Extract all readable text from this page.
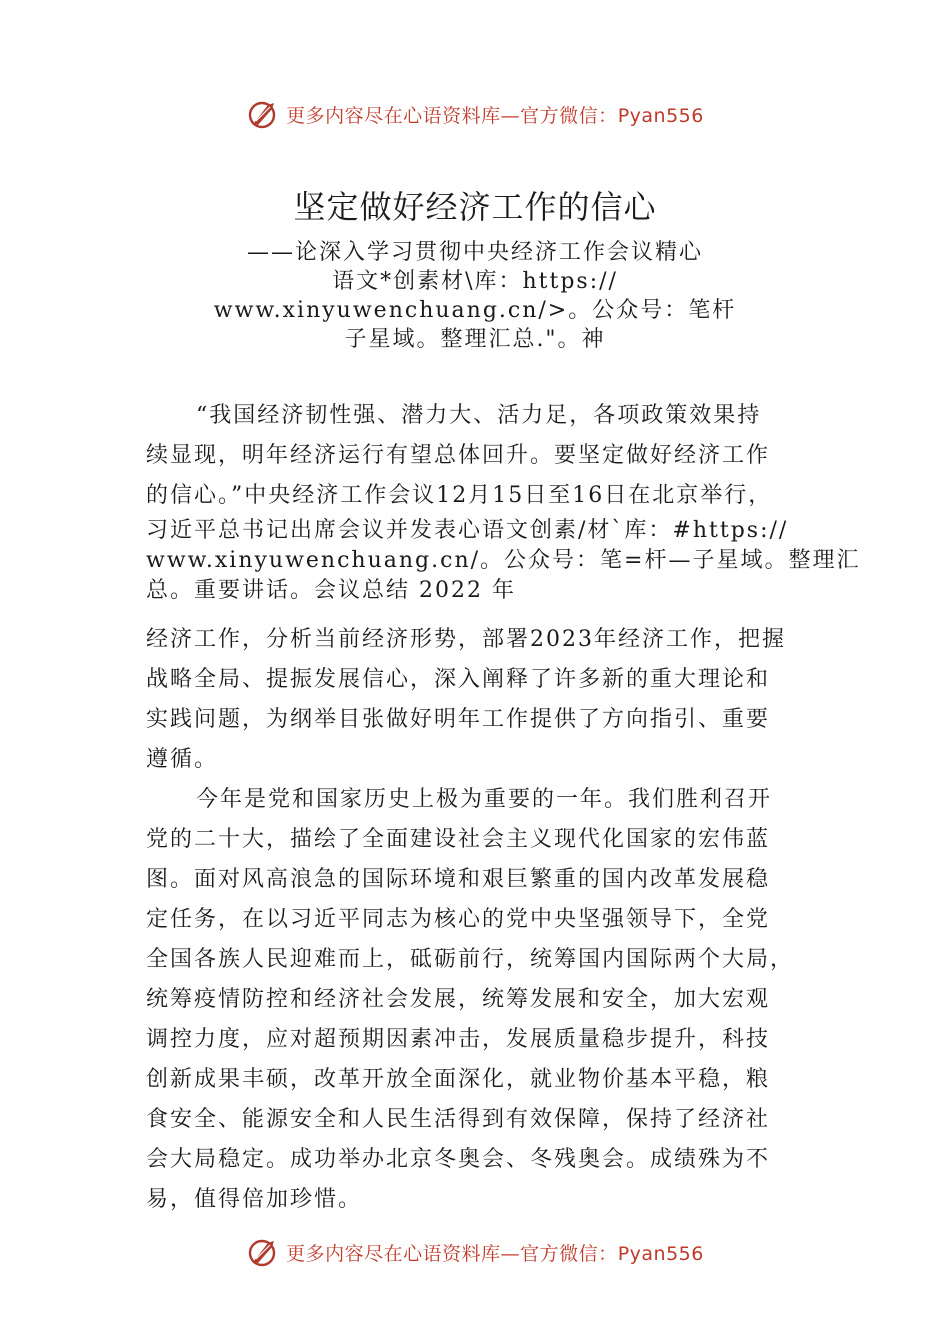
更多内容尽在心语资料库—官方微信：Pyan556
坚定做好经济工作的信心
——论深入学习贯彻中央经济工作会议精心
语文*创素材\库：https://
www.xinyuwenchuang.cn/>。公众号：笔杆
子星域。整理汇总."。神
“我国经济韧性强、潜力大、活力足，各项政策效果持
续显现，明年经济运行有望总体回升。要坚定做好经济工作
的信心。”中央经济工作会议12月15日至16日在北京举行，
习近平总书记出席会议并发表心语文创素/材`库：#https://
www.xinyuwenchuang.cn/。公众号：笔=杆—子星域。整理汇
总。重要讲话。会议总结 2022 年
经济工作，分析当前经济形势，部署2023年经济工作，把握
战略全局、提振发展信心，深入阐释了许多新的重大理论和
实践问题，为纲举目张做好明年工作提供了方向指引、重要
遵循。
今年是党和国家历史上极为重要的一年。我们胜利召开
党的二十大，描绘了全面建设社会主义现代化国家的宏伟蓝
图。面对风高浪急的国际环境和艰巨繁重的国内改革发展稳
定任务，在以习近平同志为核心的党中央坚强领导下，全党
全国各族人民迎难而上，砥砺前行，统筹国内国际两个大局，
统筹疫情防控和经济社会发展，统筹发展和安全，加大宏观
调控力度，应对超预期因素冲击，发展质量稳步提升，科技
创新成果丰硕，改革开放全面深化，就业物价基本平稳，粮
食安全、能源安全和人民生活得到有效保障，保持了经济社
会大局稳定。成功举办北京冬奥会、冬残奥会。成绩殊为不
易，值得倍加珍惜。
更多内容尽在心语资料库—官方微信：Pyan556
